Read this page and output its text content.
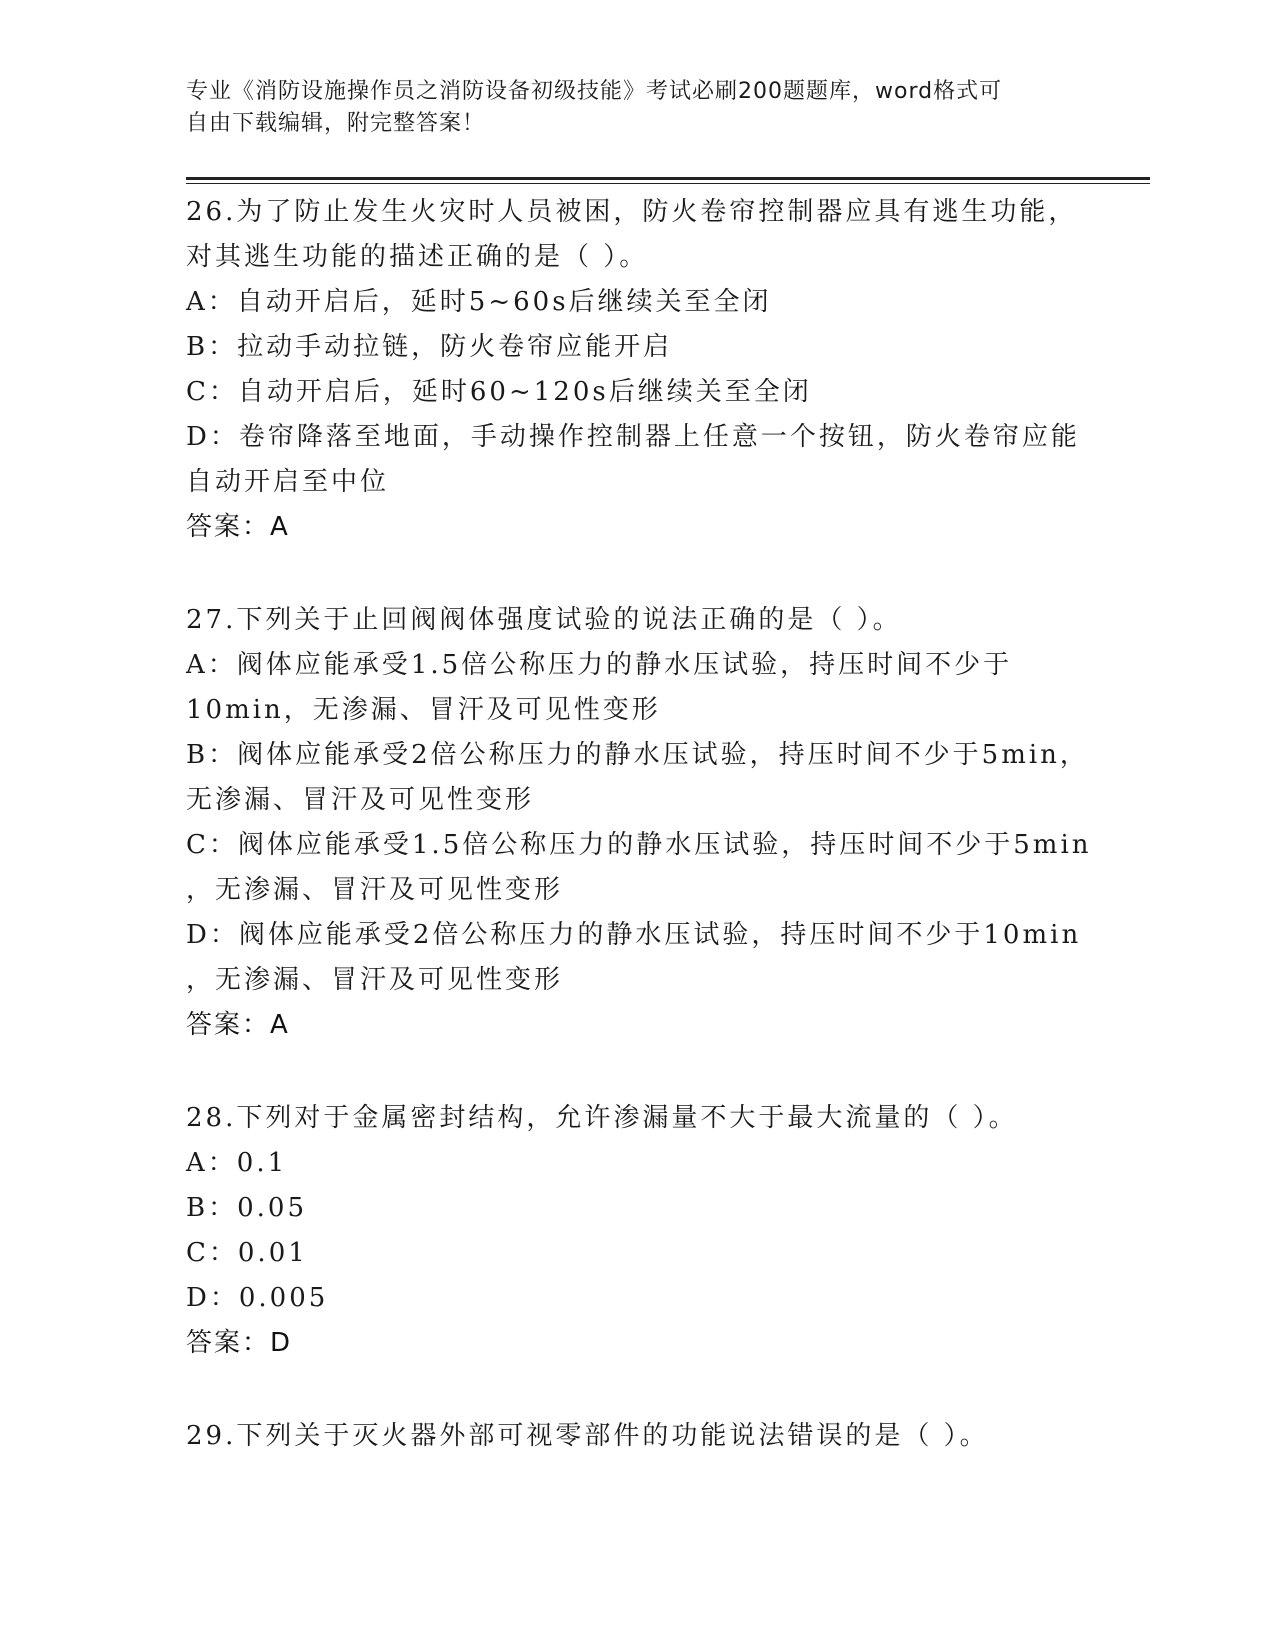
专业《消防设施操作员之消防设备初级技能》考试必刷200题题库，word格式可
自由下载编辑，附完整答案！
26.为了防止发生火灾时人员被困，防火卷帘控制器应具有逃生功能，
对其逃生功能的描述正确的是（ ）。
A：自动开启后，延时5~60s后继续关至全闭
B：拉动手动拉链，防火卷帘应能开启
C：自动开启后，延时60~120s后继续关至全闭
D：卷帘降落至地面，手动操作控制器上任意一个按钮，防火卷帘应能
自动开启至中位
答案：A
27.下列关于止回阀阀体强度试验的说法正确的是（ ）。
A：阀体应能承受1.5倍公称压力的静水压试验，持压时间不少于
10min，无渗漏、冒汗及可见性变形
B：阀体应能承受2倍公称压力的静水压试验，持压时间不少于5min，
无渗漏、冒汗及可见性变形
C：阀体应能承受1.5倍公称压力的静水压试验，持压时间不少于5min
，无渗漏、冒汗及可见性变形
D：阀体应能承受2倍公称压力的静水压试验，持压时间不少于10min
，无渗漏、冒汗及可见性变形
答案：A
28.下列对于金属密封结构，允许渗漏量不大于最大流量的（ ）。
A：0.1
B：0.05
C：0.01
D：0.005
答案：D
29.下列关于灭火器外部可视零部件的功能说法错误的是（ ）。
